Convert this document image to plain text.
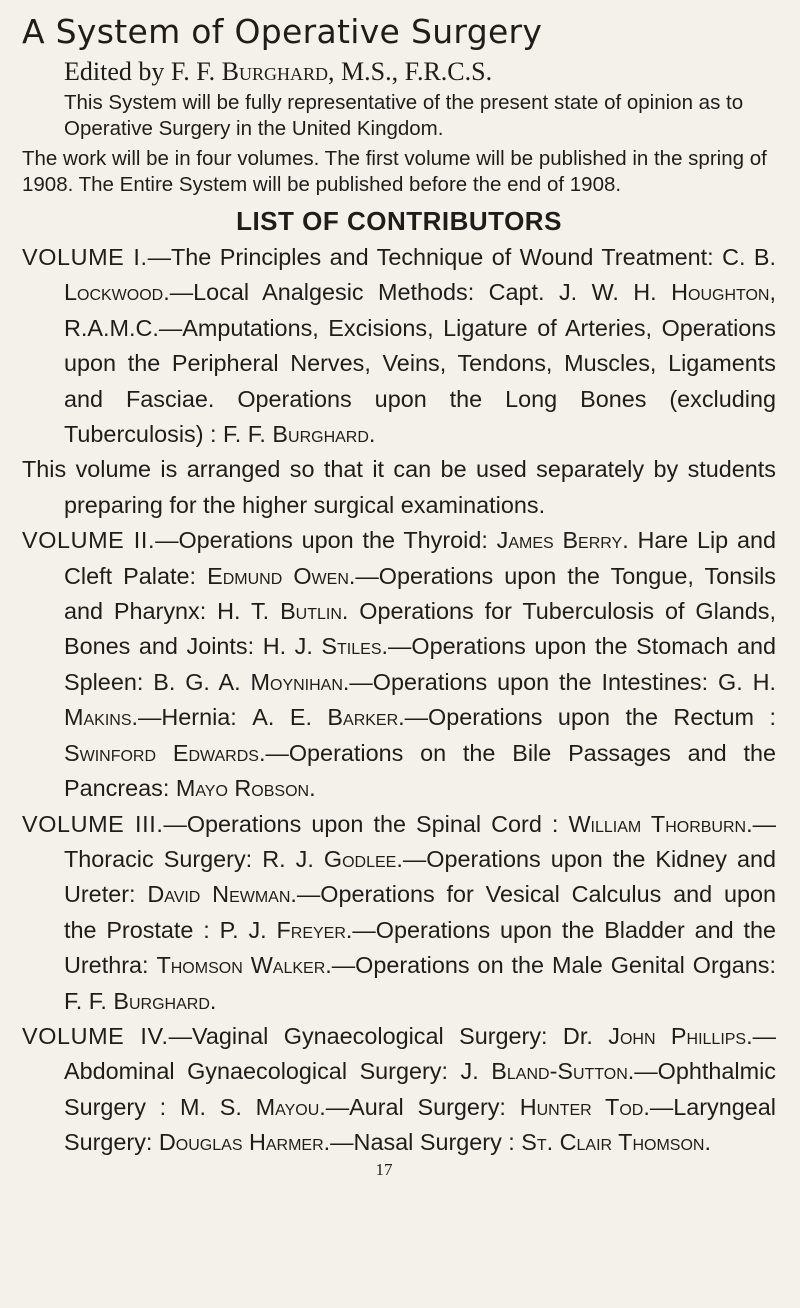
A System of Operative Surgery

Edited by F. F. Burghard, M.S., F.R.C.S.

This System will be fully representative of the present state of opinion as to Operative Surgery in the United Kingdom.

The work will be in four volumes. The first volume will be published in the spring of 1908. The Entire System will be published before the end of 1908.

LIST OF CONTRIBUTORS

VOLUME I.—The Principles and Technique of Wound Treatment: C. B. Lockwood.—Local Analgesic Methods: Capt. J. W. H. Houghton, R.A.M.C.—Amputations, Excisions, Ligature of Arteries, Operations upon the Peripheral Nerves, Veins, Tendons, Muscles, Ligaments and Fasciae. Operations upon the Long Bones (excluding Tuberculosis) : F. F. Burghard.

This volume is arranged so that it can be used separately by students preparing for the higher surgical examinations.

VOLUME II.—Operations upon the Thyroid: James Berry. Hare Lip and Cleft Palate: Edmund Owen.—Operations upon the Tongue, Tonsils and Pharynx: H. T. Butlin. Operations for Tuberculosis of Glands, Bones and Joints: H. J. Stiles.—Operations upon the Stomach and Spleen: B. G. A. Moynihan.—Operations upon the Intestines: G. H. Makins.—Hernia: A. E. Barker.—Operations upon the Rectum : Swinford Edwards.—Operations on the Bile Passages and the Pancreas: Mayo Robson.

VOLUME III.—Operations upon the Spinal Cord : William Thorburn.—Thoracic Surgery: R. J. Godlee.—Operations upon the Kidney and Ureter: David Newman.—Operations for Vesical Calculus and upon the Prostate : P. J. Freyer.—Operations upon the Bladder and the Urethra: Thomson Walker.—Operations on the Male Genital Organs: F. F. Burghard.

VOLUME IV.—Vaginal Gynaecological Surgery: Dr. John Phillips.—Abdominal Gynaecological Surgery: J. Bland-Sutton.—Ophthalmic Surgery : M. S. Mayou.—Aural Surgery: Hunter Tod.—Laryngeal Surgery: Douglas Harmer.—Nasal Surgery : St. Clair Thomson.

17
